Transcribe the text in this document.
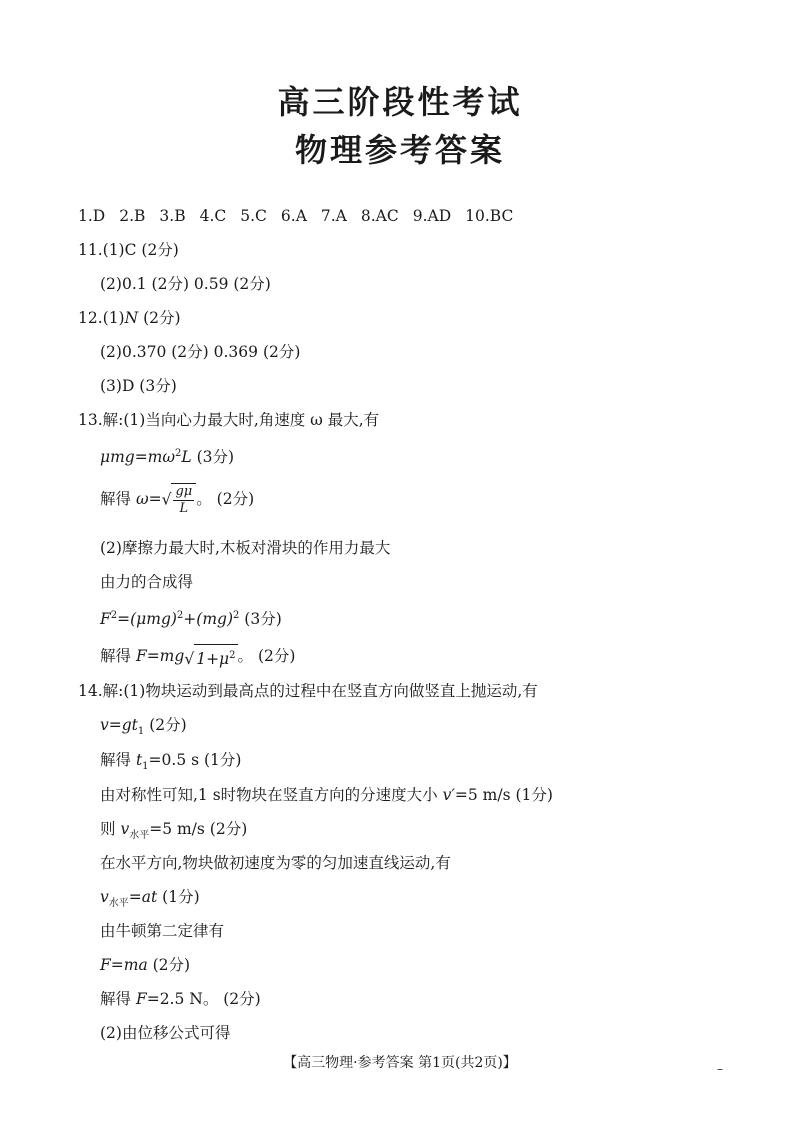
高三阶段性考试
物理参考答案
1.D 2.B 3.B 4.C 5.C 6.A 7.A 8.AC 9.AD 10.BC
11.(1)C (2分)
(2)0.1 (2分) 0.59 (2分)
12.(1)N (2分)
(2)0.370 (2分) 0.369 (2分)
(3)D (3分)
13.解:(1)当向心力最大时,角速度 ω 最大,有
$\mu mg=m\omega^2L$ (3分)
解得 $\omega=√ \frac{g\mu}{L}$ 。 (2分)
(2)摩擦力最大时,木板对滑块的作用力最大
由力的合成得
$F^2=(\mu mg)^2+(mg)^2$ (3分)
解得 F=mg√ $1+\mu^2$ 。 (2分)
14.解:(1)物块运动到最高点的过程中在竖直方向做竖直上抛运动,有
$v=gt_1$ (2分)
解得 $t_1=0.5$ s (1分)
由对称性可知,1 s时物块在竖直方向的分速度大小 v′=5 m/s (1分)
则 $v_{水平}=5$ m/s (2分)
在水平方向,物块做初速度为零的匀加速直线运动,有
$v_{水平}=at$ (1分)
由牛顿第二定律有
F=ma (2分)
解得 F=2.5 N。 (2分)
(2)由位移公式可得
【高三物理·参考答案 第1页(共2页)】	–
